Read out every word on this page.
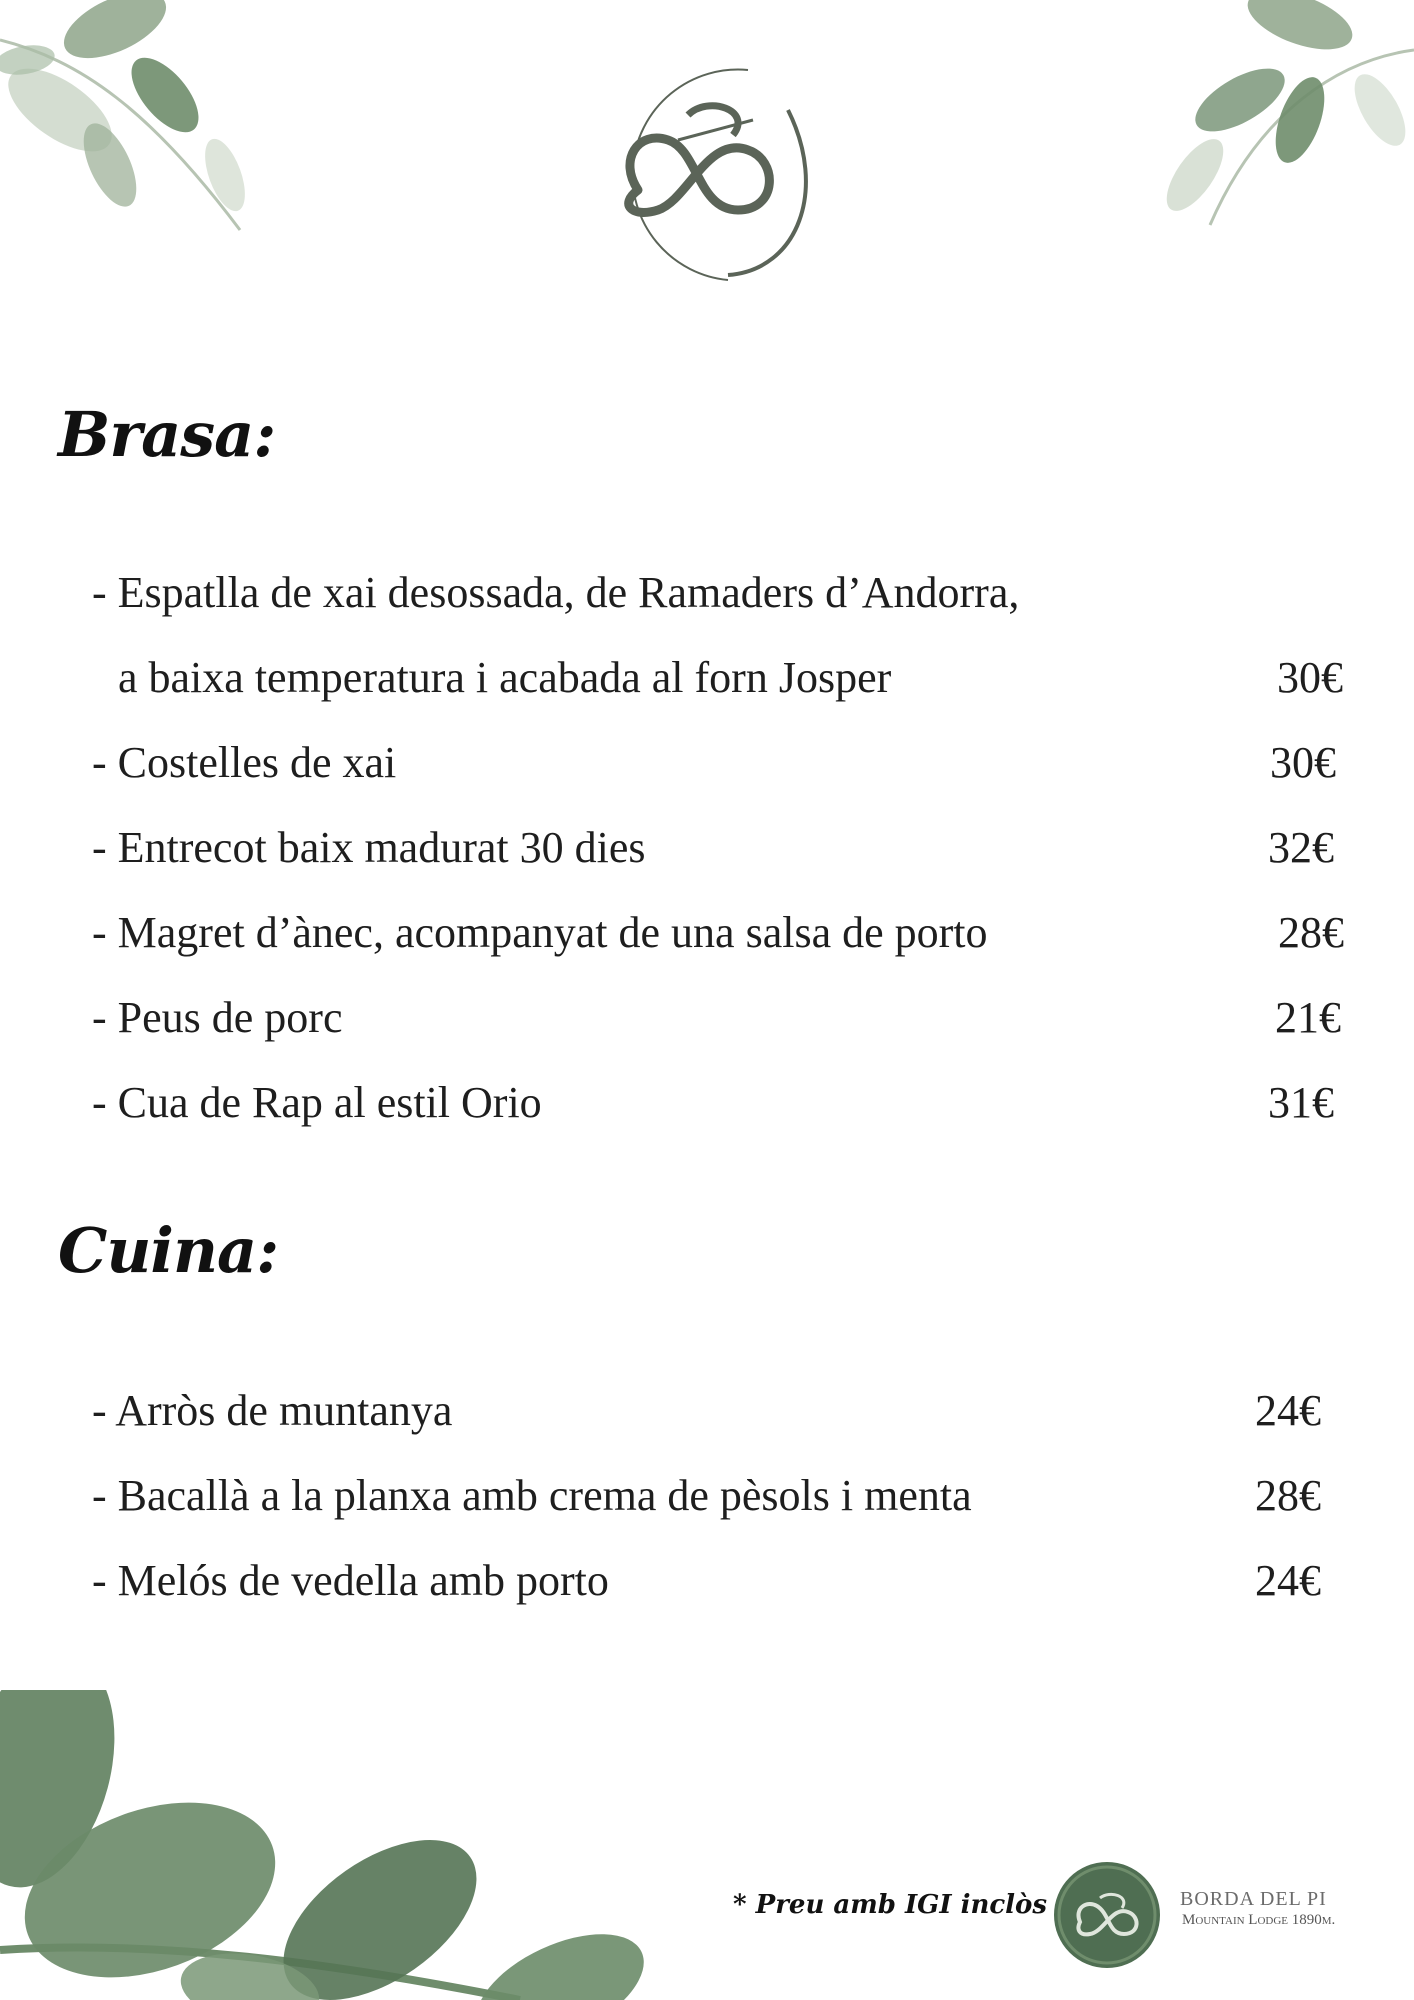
Brasa:
- Espatlla de xai desossada, de Ramaders d’Andorra,
a baixa temperatura i acabada al forn Josper	30€
- Costelles de xai	30€
- Entrecot baix madurat 30 dies	32€
- Magret d’ànec, acompanyat de una salsa de porto	28€
- Peus de porc	21€
- Cua de Rap al estil Orio	31€
Cuina:
- Arròs de muntanya	24€
- Bacallà a la planxa amb crema de pèsols i menta	28€
- Melós de vedella amb porto	24€
* Preu amb IGI inclòs	BORDA DEL PI
Mountain Lodge 1890m.
